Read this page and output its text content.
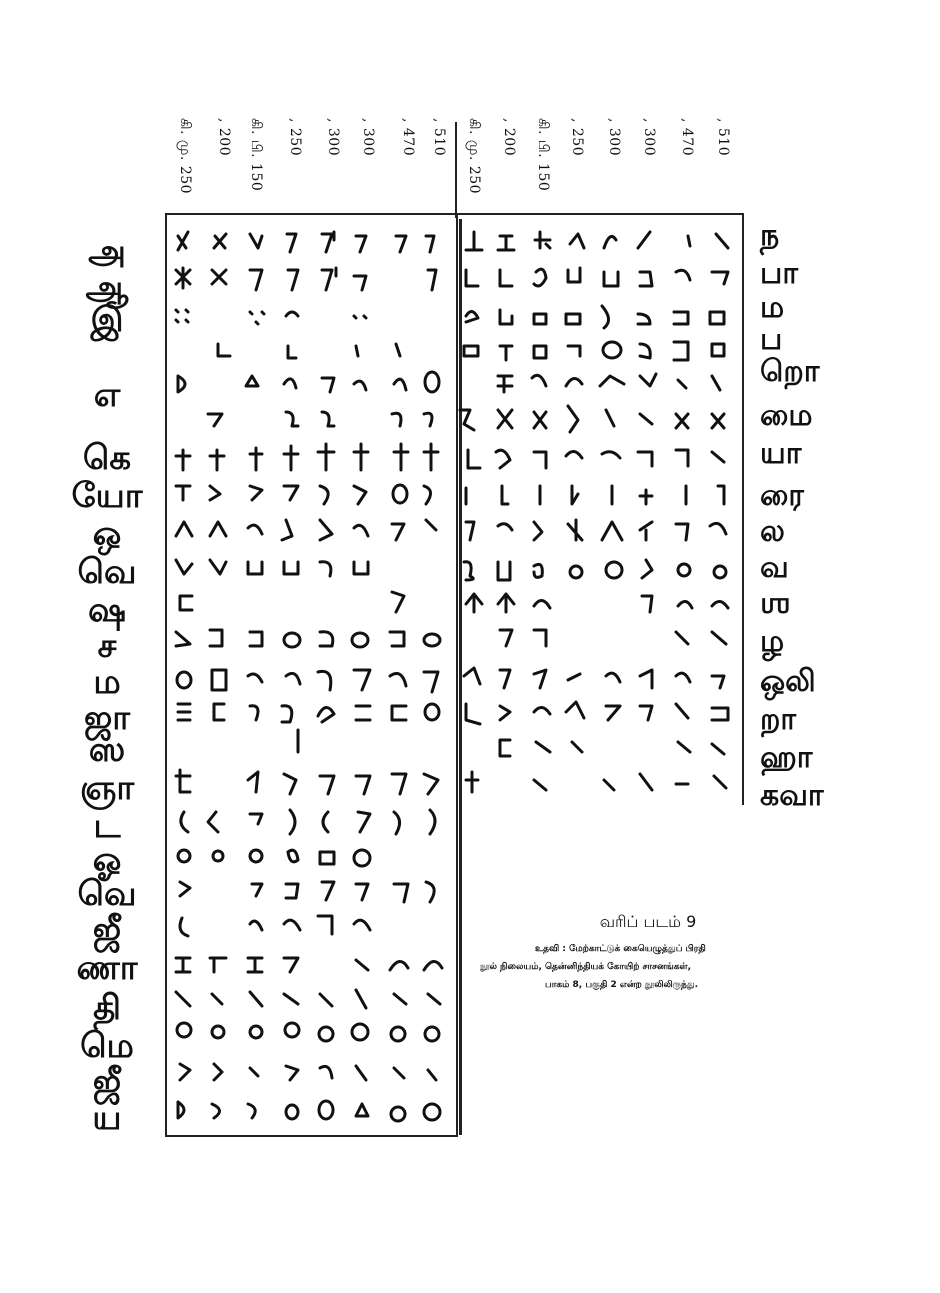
கி. மு. 250 , 200 கி. பி. 150 , 250 , 300 , 300 , 470 , 510 கி. மு. 250 , 200 கி. பி. 150 , 250 , 300 , 300 , 470 , 510
அ
ஆ
இ
எ
கெ
யோ
ஒ
வெ
ஷ
ச
ம
ஜா
ஸ
ஞா
ட
ஓ
வெ
ஜீ
ணா
தி
மெ
ஜீ
ய
ந
பா
ம
ப
றொ
மை
யா
ரை
ல
வ
ஶ
ழ
ஒலி
றா
ஹா
கவா
வரிப் படம் 9
உதவி : மேற்காட்டுக் கையெழுத்துப் பிரதி
நூல் நிலையம், தென்னிந்தியக் கோயிற் சாசனங்கள்,
பாகம் 8, பகுதி 2 என்ற நூலிலிருந்து.
